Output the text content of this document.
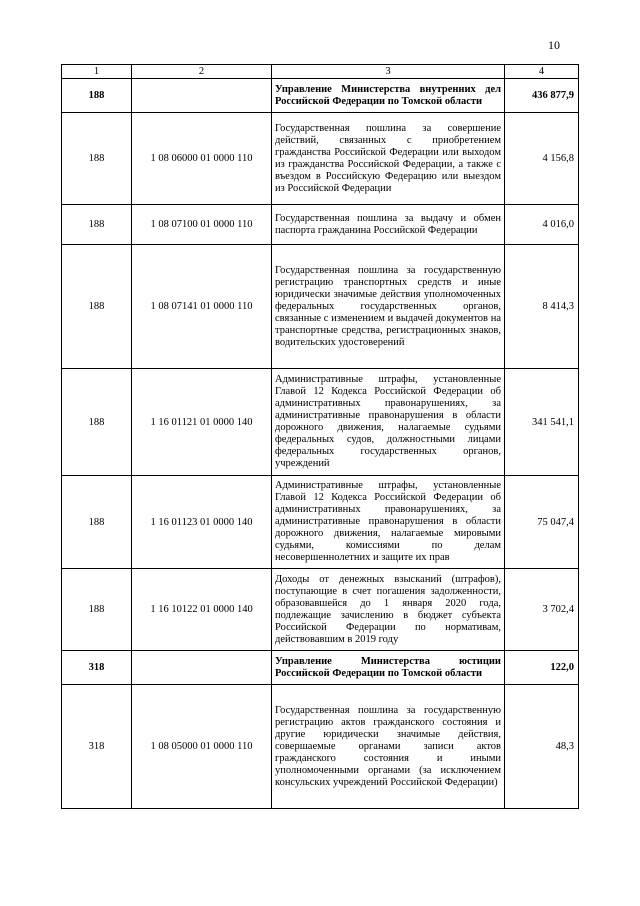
10
1	2	3	4
188		Управление Министерства внутренних дел Российской Федерации по Томской области	436 877,9
188	1 08 06000 01 0000 110	Государственная пошлина за совершение действий, связанных с приобретением гражданства Российской Федерации или выходом из гражданства Российской Федерации, а также с въездом в Российскую Федерацию или выездом из Российской Федерации	4 156,8
188	1 08 07100 01 0000 110	Государственная пошлина за выдачу и обмен паспорта гражданина Российской Федерации	4 016,0
188	1 08 07141 01 0000 110	Государственная пошлина за государственную регистрацию транспортных средств и иные юридически значимые действия уполномоченных федеральных государственных органов, связанные с изменением и выдачей документов на транспортные средства, регистрационных знаков, водительских удостоверений	8 414,3
188	1 16 01121 01 0000 140	Административные штрафы, установленные Главой 12 Кодекса Российской Федерации об административных правонарушениях, за административные правонарушения в области дорожного движения, налагаемые судьями федеральных судов, должностными лицами федеральных государственных органов, учреждений	341 541,1
188	1 16 01123 01 0000 140	Административные штрафы, установленные Главой 12 Кодекса Российской Федерации об административных правонарушениях, за административные правонарушения в области дорожного движения, налагаемые мировыми судьями, комиссиями по делам несовершеннолетних и защите их прав	75 047,4
188	1 16 10122 01 0000 140	Доходы от денежных взысканий (штрафов), поступающие в счет погашения задолженности, образовавшейся до 1 января 2020 года, подлежащие зачислению в бюджет субъекта Российской Федерации по нормативам, действовавшим в 2019 году	3 702,4
318		Управление Министерства юстиции Российской Федерации по Томской области	122,0
318	1 08 05000 01 0000 110	Государственная пошлина за государственную регистрацию актов гражданского состояния и другие юридически значимые действия, совершаемые органами записи актов гражданского состояния и иными уполномоченными органами (за исключением консульских учреждений Российской Федерации)	48,3
